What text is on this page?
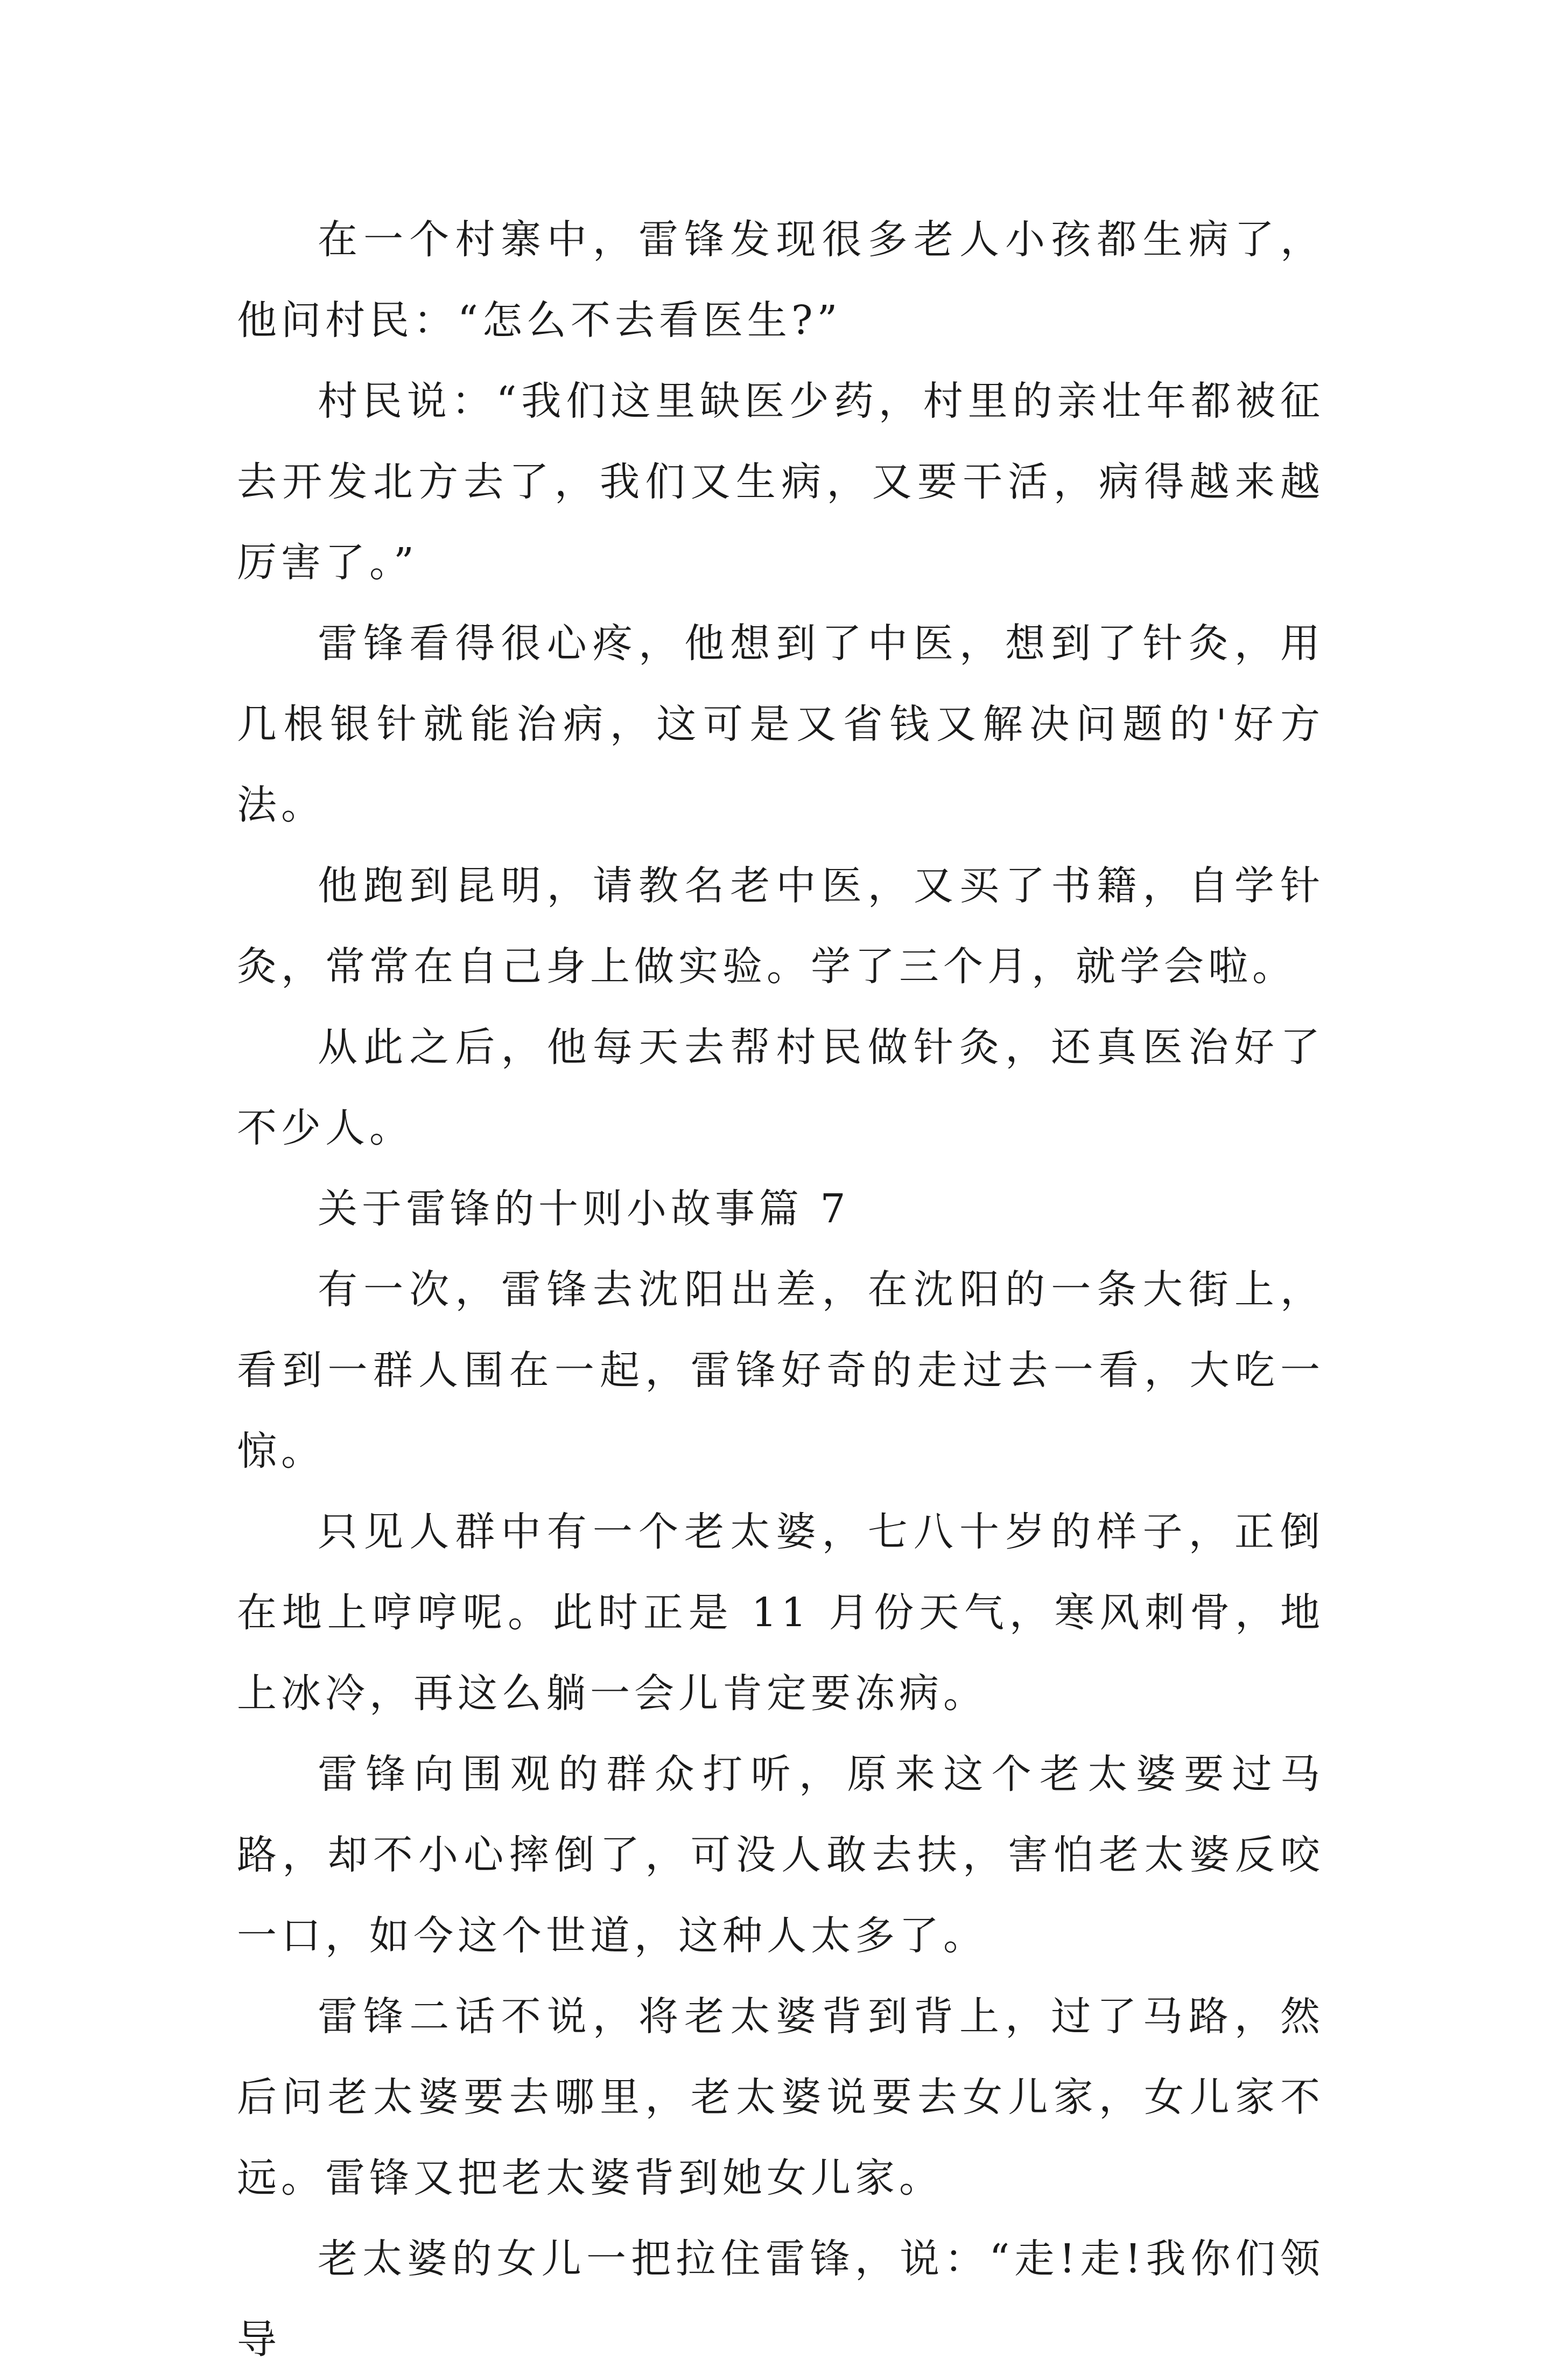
在一个村寨中，雷锋发现很多老人小孩都生病了，他问村民：“怎么不去看医生?”

村民说：“我们这里缺医少药，村里的亲壮年都被征去开发北方去了，我们又生病，又要干活，病得越来越厉害了。”

雷锋看得很心疼，他想到了中医，想到了针灸，用几根银针就能治病，这可是又省钱又解决问题的'好方法。

他跑到昆明，请教名老中医，又买了书籍，自学针灸，常常在自己身上做实验。学了三个月，就学会啦。

从此之后，他每天去帮村民做针灸，还真医治好了不少人。

关于雷锋的十则小故事篇 7

有一次，雷锋去沈阳出差，在沈阳的一条大街上，看到一群人围在一起，雷锋好奇的走过去一看，大吃一惊。

只见人群中有一个老太婆，七八十岁的样子，正倒在地上哼哼呢。此时正是 11 月份天气，寒风刺骨，地上冰冷，再这么躺一会儿肯定要冻病。

雷锋向围观的群众打听，原来这个老太婆要过马路，却不小心摔倒了，可没人敢去扶，害怕老太婆反咬一口，如今这个世道，这种人太多了。

雷锋二话不说，将老太婆背到背上，过了马路，然后问老太婆要去哪里，老太婆说要去女儿家，女儿家不远。雷锋又把老太婆背到她女儿家。

老太婆的女儿一把拉住雷锋，说：“走!走!我你们领导
